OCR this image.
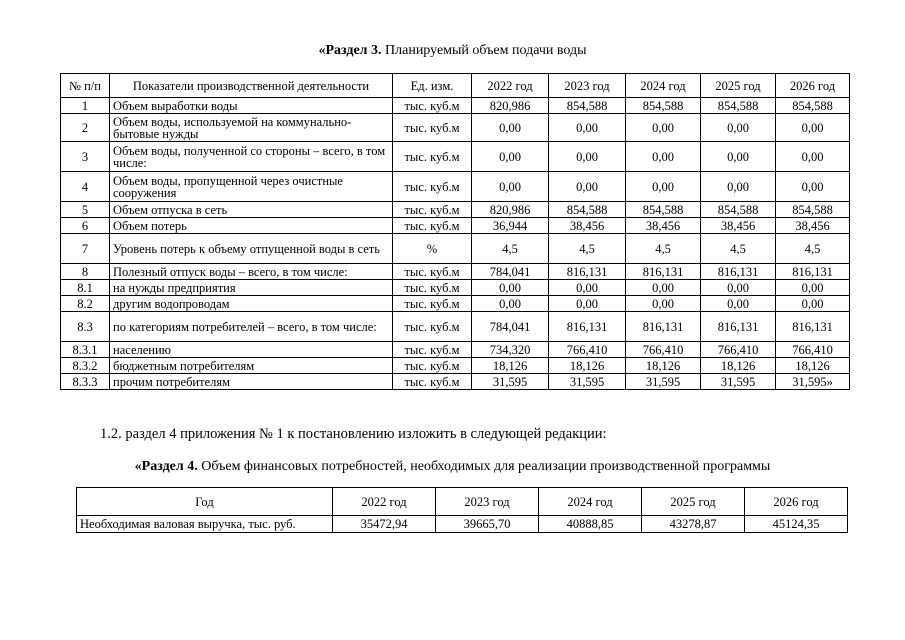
«Раздел 3. Планируемый объем подачи воды
№ п/п	Показатели производственной деятельности	Ед. изм.	2022 год	2023 год	2024 год	2025 год	2026 год
1	Объем выработки воды	тыс. куб.м	820,986	854,588	854,588	854,588	854,588
2	Объем воды, используемой на коммунально-бытовые нужды	тыс. куб.м	0,00	0,00	0,00	0,00	0,00
3	Объем воды, полученной со стороны – всего, в том числе:	тыс. куб.м	0,00	0,00	0,00	0,00	0,00
4	Объем воды, пропущенной через очистные сооружения	тыс. куб.м	0,00	0,00	0,00	0,00	0,00
5	Объем отпуска в сеть	тыс. куб.м	820,986	854,588	854,588	854,588	854,588
6	Объем потерь	тыс. куб.м	36,944	38,456	38,456	38,456	38,456
7	Уровень потерь к объему отпущенной воды в сеть	%	4,5	4,5	4,5	4,5	4,5
8	Полезный отпуск воды – всего, в том числе:	тыс. куб.м	784,041	816,131	816,131	816,131	816,131
8.1	на нужды предприятия	тыс. куб.м	0,00	0,00	0,00	0,00	0,00
8.2	другим водопроводам	тыс. куб.м	0,00	0,00	0,00	0,00	0,00
8.3	по категориям потребителей – всего, в том числе:	тыс. куб.м	784,041	816,131	816,131	816,131	816,131
8.3.1	населению	тыс. куб.м	734,320	766,410	766,410	766,410	766,410
8.3.2	бюджетным потребителям	тыс. куб.м	18,126	18,126	18,126	18,126	18,126
8.3.3	прочим потребителям	тыс. куб.м	31,595	31,595	31,595	31,595	31,595»
1.2. раздел 4 приложения № 1 к постановлению изложить в следующей редакции:
«Раздел 4. Объем финансовых потребностей, необходимых для реализации производственной программы
Год	2022 год	2023 год	2024 год	2025 год	2026 год
Необходимая валовая выручка, тыс. руб.	35472,94	39665,70	40888,85	43278,87	45124,35
